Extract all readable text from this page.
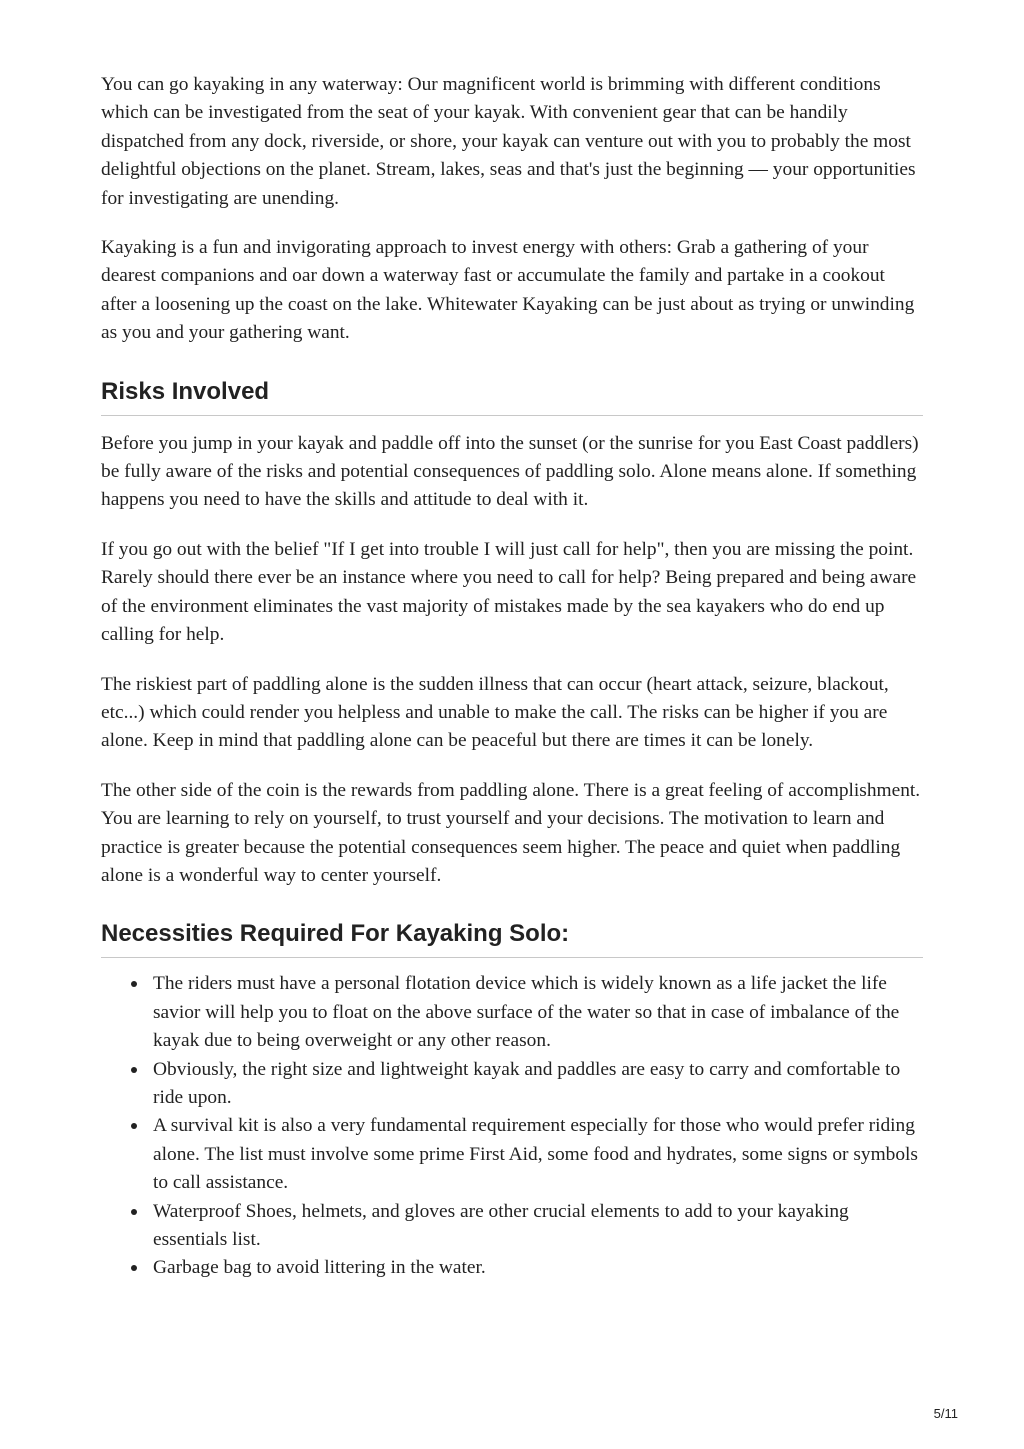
You can go kayaking in any waterway: Our magnificent world is brimming with different conditions which can be investigated from the seat of your kayak. With convenient gear that can be handily dispatched from any dock, riverside, or shore, your kayak can venture out with you to probably the most delightful objections on the planet. Stream, lakes, seas and that's just the beginning — your opportunities for investigating are unending.

Kayaking is a fun and invigorating approach to invest energy with others: Grab a gathering of your dearest companions and oar down a waterway fast or accumulate the family and partake in a cookout after a loosening up the coast on the lake. Whitewater Kayaking can be just about as trying or unwinding as you and your gathering want.

Risks Involved

Before you jump in your kayak and paddle off into the sunset (or the sunrise for you East Coast paddlers) be fully aware of the risks and potential consequences of paddling solo. Alone means alone. If something happens you need to have the skills and attitude to deal with it.

If you go out with the belief "If I get into trouble I will just call for help", then you are missing the point. Rarely should there ever be an instance where you need to call for help? Being prepared and being aware of the environment eliminates the vast majority of mistakes made by the sea kayakers who do end up calling for help.

The riskiest part of paddling alone is the sudden illness that can occur (heart attack, seizure, blackout, etc...) which could render you helpless and unable to make the call. The risks can be higher if you are alone. Keep in mind that paddling alone can be peaceful but there are times it can be lonely.

The other side of the coin is the rewards from paddling alone. There is a great feeling of accomplishment. You are learning to rely on yourself, to trust yourself and your decisions. The motivation to learn and practice is greater because the potential consequences seem higher. The peace and quiet when paddling alone is a wonderful way to center yourself.

Necessities Required For Kayaking Solo:
The riders must have a personal flotation device which is widely known as a life jacket the life savior will help you to float on the above surface of the water so that in case of imbalance of the kayak due to being overweight or any other reason.
Obviously, the right size and lightweight kayak and paddles are easy to carry and comfortable to ride upon.
A survival kit is also a very fundamental requirement especially for those who would prefer riding alone. The list must involve some prime First Aid, some food and hydrates, some signs or symbols to call assistance.
Waterproof Shoes, helmets, and gloves are other crucial elements to add to your kayaking essentials list.
Garbage bag to avoid littering in the water.
5/11
